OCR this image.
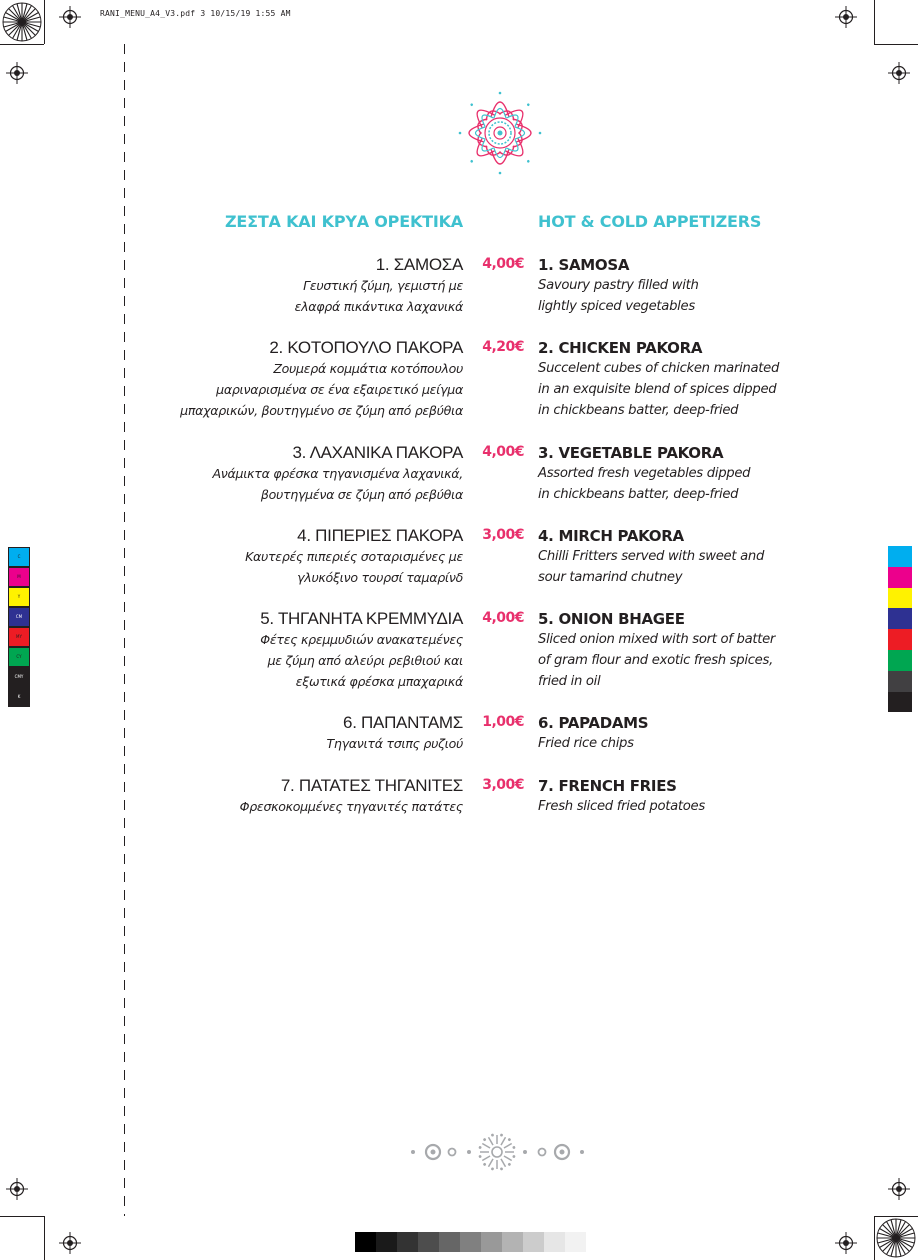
RANI_MENU_A4_V3.pdf 3 10/15/19 1:55 AM
C
M
Y
CM
MY
CY
CMY
K
ΖΕΣΤΑ ΚΑΙ ΚΡΥΑ ΟΡΕΚΤΙΚΑ	HOT & COLD APPETIZERS
1. ΣΑΜΟΣΑ
Γευστική ζύμη, γεμιστή με
ελαφρά πικάντικα λαχανικά
4,00€ 1. SAMOSA
Savoury pastry filled with
lightly spiced vegetables
2. ΚΟΤΟΠΟΥΛΟ ΠΑΚΟΡΑ
Ζουμερά κομμάτια κοτόπουλου
μαριναρισμένα σε ένα εξαιρετικό μείγμα
μπαχαρικών, βουτηγμένο σε ζύμη από ρεβύθια
4,20€ 2. CHICKEN PAKORA
Succelent cubes of chicken marinated
in an exquisite blend of spices dipped
in chickbeans batter, deep-fried
3. ΛΑΧΑΝΙΚΑ ΠΑΚΟΡΑ
Ανάμικτα φρέσκα τηγανισμένα λαχανικά,
βουτηγμένα σε ζύμη από ρεβύθια
4,00€ 3. VEGETABLE PAKORA
Assorted fresh vegetables dipped
in chickbeans batter, deep-fried
4. ΠΙΠΕΡΙΕΣ ΠΑΚΟΡΑ
Καυτερές πιπεριές σοταρισμένες με
γλυκόξινο τουρσί ταμαρίνδ
3,00€ 4. MIRCH PAKORA
Chilli Fritters served with sweet and
sour tamarind chutney
5. ΤΗΓΑΝΗΤΑ ΚΡΕΜΜΥΔΙΑ
Φέτες κρεμμυδιών ανακατεμένες
με ζύμη από αλεύρι ρεβιθιού και
εξωτικά φρέσκα μπαχαρικά
4,00€ 5. ONION BHAGEE
Sliced onion mixed with sort of batter
of gram flour and exotic fresh spices,
fried in oil
6. ΠΑΠΑΝΤΑΜΣ
Τηγανιτά τσιπς ρυζιού
1,00€ 6. PAPADAMS
Fried rice chips
7. ΠΑΤΑΤΕΣ ΤΗΓΑΝΙΤΕΣ
Φρεσκοκομμένες τηγανιτές πατάτες
3,00€ 7. FRENCH FRIES
Fresh sliced fried potatoes
